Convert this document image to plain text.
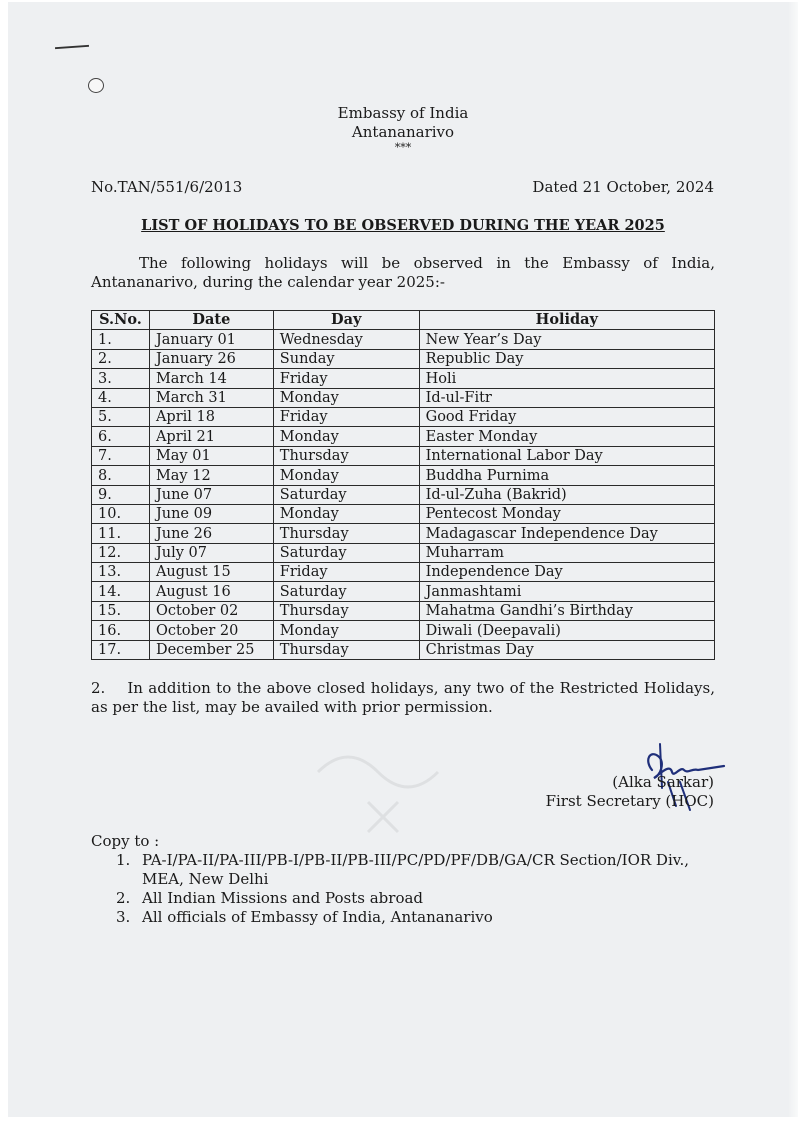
Embassy of India
Antananarivo
***
No.TAN/551/6/2013	Dated 21 October, 2024
LIST OF HOLIDAYS TO BE OBSERVED DURING THE YEAR 2025
The following holidays will be observed in the Embassy of India, Antananarivo, during the calendar year 2025:-
S.No.	Date	Day	Holiday
1.	January 01	Wednesday	New Year’s Day
2.	January 26	Sunday	Republic Day
3.	March 14	Friday	Holi
4.	March 31	Monday	Id-ul-Fitr
5.	April 18	Friday	Good Friday
6.	April 21	Monday	Easter Monday
7.	May 01	Thursday	International Labor Day
8.	May 12	Monday	Buddha Purnima
9.	June 07	Saturday	Id-ul-Zuha (Bakrid)
10.	June 09	Monday	Pentecost Monday
11.	June 26	Thursday	Madagascar Independence Day
12.	July 07	Saturday	Muharram
13.	August 15	Friday	Independence Day
14.	August 16	Saturday	Janmashtami
15.	October 02	Thursday	Mahatma Gandhi’s Birthday
16.	October 20	Monday	Diwali (Deepavali)
17.	December 25	Thursday	Christmas Day
2. In addition to the above closed holidays, any two of the Restricted Holidays, as per the list, may be availed with prior permission.
(Alka Sarkar)
First Secretary (HOC)
Copy to :
1. PA-I/PA-II/PA-III/PB-I/PB-II/PB-III/PC/PD/PF/DB/GA/CR Section/IOR Div., MEA, New Delhi
2. All Indian Missions and Posts abroad
3. All officials of Embassy of India, Antananarivo
